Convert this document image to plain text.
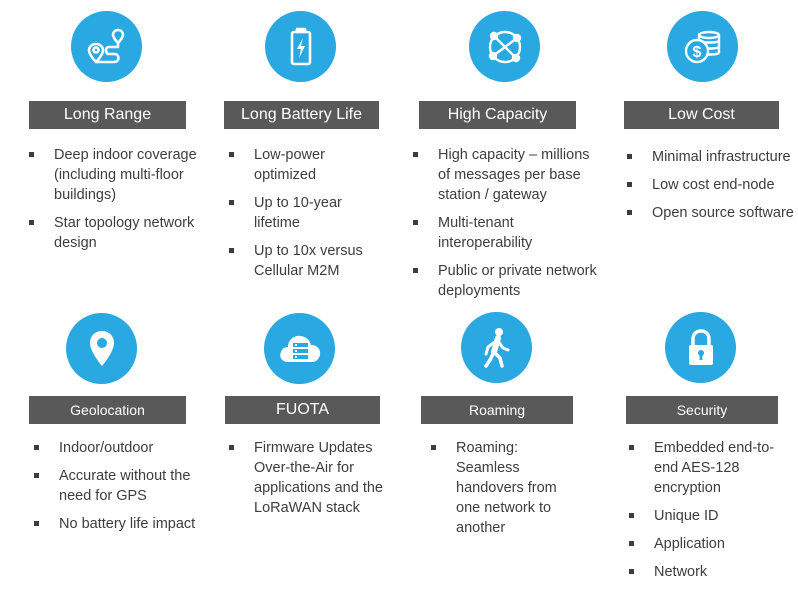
Long Range
Deep indoor coverage (including multi-floor buildings)
Star topology network design
Long Battery Life
Low-power optimized
Up to 10-year lifetime
Up to 10x versus Cellular M2M
High Capacity
High capacity – millions of messages per base station / gateway
Multi-tenant interoperability
Public or private network deployments
$
Low Cost
Minimal infrastructure
Low cost end-node
Open source software
Geolocation
Indoor/outdoor
Accurate without the need for GPS
No battery life impact
FUOTA
Firmware Updates Over-the-Air for applications and the LoRaWAN stack
Roaming
Roaming: Seamless handovers from one network to another
Security
Embedded end-to-end AES-128 encryption
Unique ID
Application
Network
